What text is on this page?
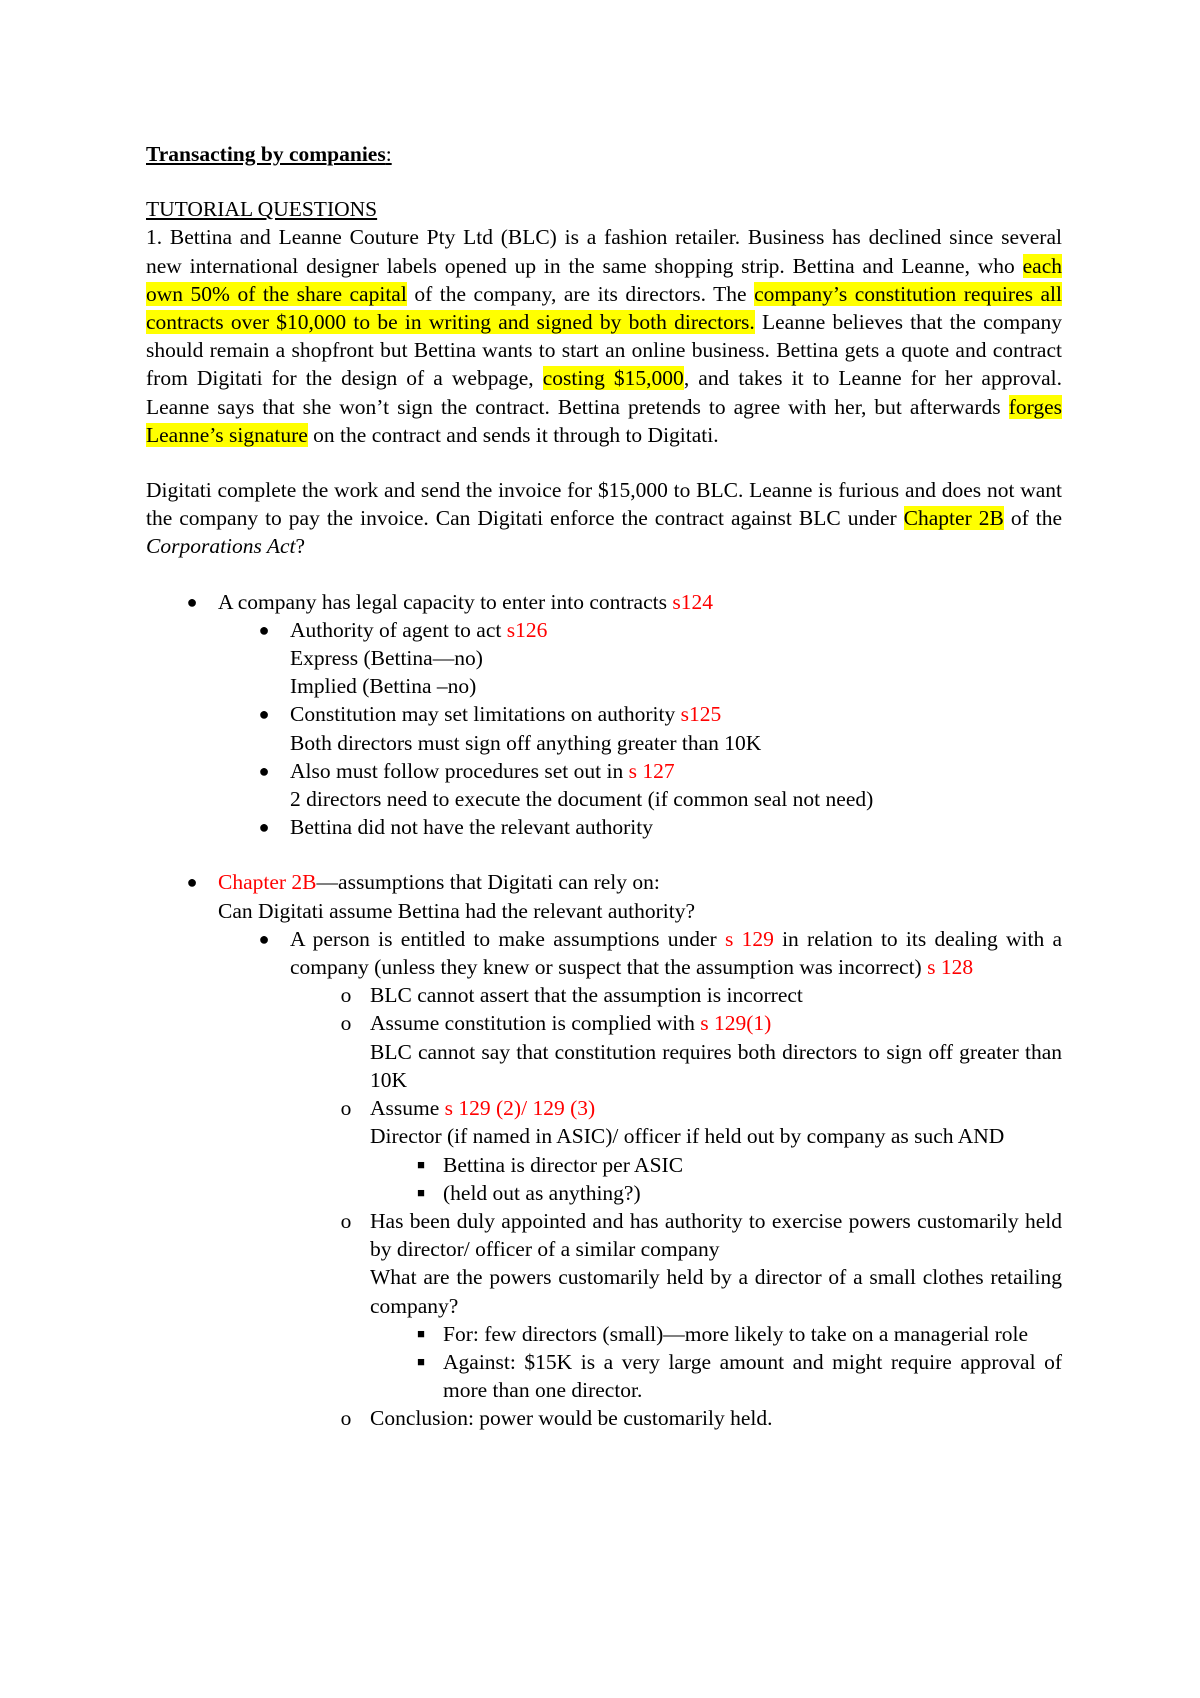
Transacting by companies:

TUTORIAL QUESTIONS

1. Bettina and Leanne Couture Pty Ltd (BLC) is a fashion retailer. Business has declined since several new international designer labels opened up in the same shopping strip. Bettina and Leanne, who each own 50% of the share capital of the company, are its directors. The company’s constitution requires all contracts over $10,000 to be in writing and signed by both directors. Leanne believes that the company should remain a shopfront but Bettina wants to start an online business. Bettina gets a quote and contract from Digitati for the design of a webpage, costing $15,000, and takes it to Leanne for her approval. Leanne says that she won’t sign the contract. Bettina pretends to agree with her, but afterwards forges Leanne’s signature on the contract and sends it through to Digitati.

Digitati complete the work and send the invoice for $15,000 to BLC. Leanne is furious and does not want the company to pay the invoice. Can Digitati enforce the contract against BLC under Chapter 2B of the Corporations Act?

● A company has legal capacity to enter into contracts s124
● Authority of agent to act s126
Express (Bettina—no)
Implied (Bettina –no)
● Constitution may set limitations on authority s125
Both directors must sign off anything greater than 10K
● Also must follow procedures set out in s 127
2 directors need to execute the document (if common seal not need)
● Bettina did not have the relevant authority
● Chapter 2B—assumptions that Digitati can rely on:
Can Digitati assume Bettina had the relevant authority?
● A person is entitled to make assumptions under s 129 in relation to its dealing with a company (unless they knew or suspect that the assumption was incorrect) s 128
o BLC cannot assert that the assumption is incorrect
o Assume constitution is complied with s 129(1)
BLC cannot say that constitution requires both directors to sign off greater than 10K
o Assume s 129 (2)/ 129 (3)
Director (if named in ASIC)/ officer if held out by company as such AND
■ Bettina is director per ASIC
■ (held out as anything?)
o Has been duly appointed and has authority to exercise powers customarily held by director/ officer of a similar company
What are the powers customarily held by a director of a small clothes retailing company?
■ For: few directors (small)—more likely to take on a managerial role
■ Against: $15K is a very large amount and might require approval of more than one director.
o Conclusion: power would be customarily held.
